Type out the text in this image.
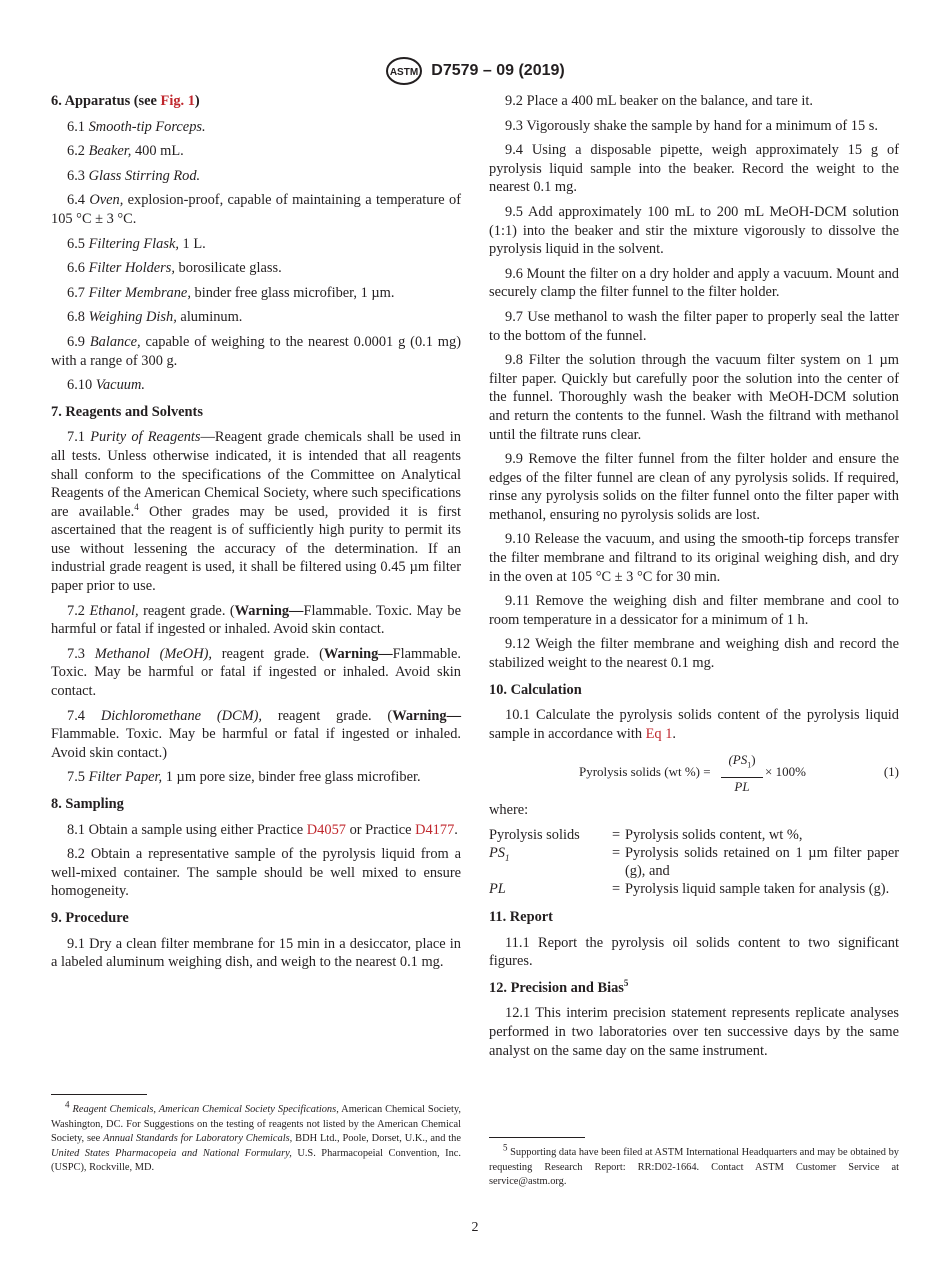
ASTM D7579 – 09 (2019)

6. Apparatus (see Fig. 1)

6.1 Smooth-tip Forceps.

6.2 Beaker, 400 mL.

6.3 Glass Stirring Rod.

6.4 Oven, explosion-proof, capable of maintaining a temperature of 105 °C ± 3 °C.

6.5 Filtering Flask, 1 L.

6.6 Filter Holders, borosilicate glass.

6.7 Filter Membrane, binder free glass microfiber, 1 µm.

6.8 Weighing Dish, aluminum.

6.9 Balance, capable of weighing to the nearest 0.0001 g (0.1 mg) with a range of 300 g.

6.10 Vacuum.

7. Reagents and Solvents

7.1 Purity of Reagents—Reagent grade chemicals shall be used in all tests. Unless otherwise indicated, it is intended that all reagents shall conform to the specifications of the Committee on Analytical Reagents of the American Chemical Society, where such specifications are available.$^4$ Other grades may be used, provided it is first ascertained that the reagent is of sufficiently high purity to permit its use without lessening the accuracy of the determination. If an industrial grade reagent is used, it shall be filtered using 0.45 µm filter paper prior to use.

7.2 Ethanol, reagent grade. (Warning—Flammable. Toxic. May be harmful or fatal if ingested or inhaled. Avoid skin contact.

7.3 Methanol (MeOH), reagent grade. (Warning—Flammable. Toxic. May be harmful or fatal if ingested or inhaled. Avoid skin contact.

7.4 Dichloromethane (DCM), reagent grade. (Warning—Flammable. Toxic. May be harmful or fatal if ingested or inhaled. Avoid skin contact.)

7.5 Filter Paper, 1 µm pore size, binder free glass microfiber.

8. Sampling

8.1 Obtain a sample using either Practice D4057 or Practice D4177.

8.2 Obtain a representative sample of the pyrolysis liquid from a well-mixed container. The sample should be well mixed to ensure homogeneity.

9. Procedure

9.1 Dry a clean filter membrane for 15 min in a desiccator, place in a labeled aluminum weighing dish, and weigh to the nearest 0.1 mg.

$^4$ Reagent Chemicals, American Chemical Society Specifications, American Chemical Society, Washington, DC. For Suggestions on the testing of reagents not listed by the American Chemical Society, see Annual Standards for Laboratory Chemicals, BDH Ltd., Poole, Dorset, U.K., and the United States Pharmacopeia and National Formulary, U.S. Pharmacopeial Convention, Inc. (USPC), Rockville, MD.

9.2 Place a 400 mL beaker on the balance, and tare it.

9.3 Vigorously shake the sample by hand for a minimum of 15 s.

9.4 Using a disposable pipette, weigh approximately 15 g of pyrolysis liquid sample into the beaker. Record the weight to the nearest 0.1 mg.

9.5 Add approximately 100 mL to 200 mL MeOH-DCM solution (1:1) into the beaker and stir the mixture vigorously to dissolve the pyrolysis liquid in the solvent.

9.6 Mount the filter on a dry holder and apply a vacuum. Mount and securely clamp the filter funnel to the filter holder.

9.7 Use methanol to wash the filter paper to properly seal the latter to the bottom of the funnel.

9.8 Filter the solution through the vacuum filter system on 1 µm filter paper. Quickly but carefully poor the solution into the center of the funnel. Thoroughly wash the beaker with MeOH-DCM solution and return the contents to the funnel. Wash the filtrand with methanol until the filtrate runs clear.

9.9 Remove the filter funnel from the filter holder and ensure the edges of the filter funnel are clean of any pyrolysis solids. If required, rinse any pyrolysis solids on the filter funnel onto the filter paper with methanol, ensuring no pyrolysis solids are lost.

9.10 Release the vacuum, and using the smooth-tip forceps transfer the filter membrane and filtrand to its original weighing dish, and dry in the oven at 105 °C ± 3 °C for 30 min.

9.11 Remove the weighing dish and filter membrane and cool to room temperature in a dessicator for a minimum of 1 h.

9.12 Weigh the filter membrane and weighing dish and record the stabilized weight to the nearest 0.1 mg.

10. Calculation

10.1 Calculate the pyrolysis solids content of the pyrolysis liquid sample in accordance with Eq 1.

Pyrolysis solids (wt %) = $\frac{(PS_1)}{PL} \times 100\%$	(1)

where:

Pyrolysis solids	=	Pyrolysis solids content, wt %,
$PS_1$	=	Pyrolysis solids retained on 1 µm filter paper (g), and
PL	=	Pyrolysis liquid sample taken for analysis (g).

11. Report

11.1 Report the pyrolysis oil solids content to two significant figures.

12. Precision and Bias$^5$

12.1 This interim precision statement represents replicate analyses performed in two laboratories over ten successive days by the same analyst on the same day on the same instrument.

$^5$ Supporting data have been filed at ASTM International Headquarters and may be obtained by requesting Research Report: RR:D02-1664. Contact ASTM Customer Service at service@astm.org.
2
